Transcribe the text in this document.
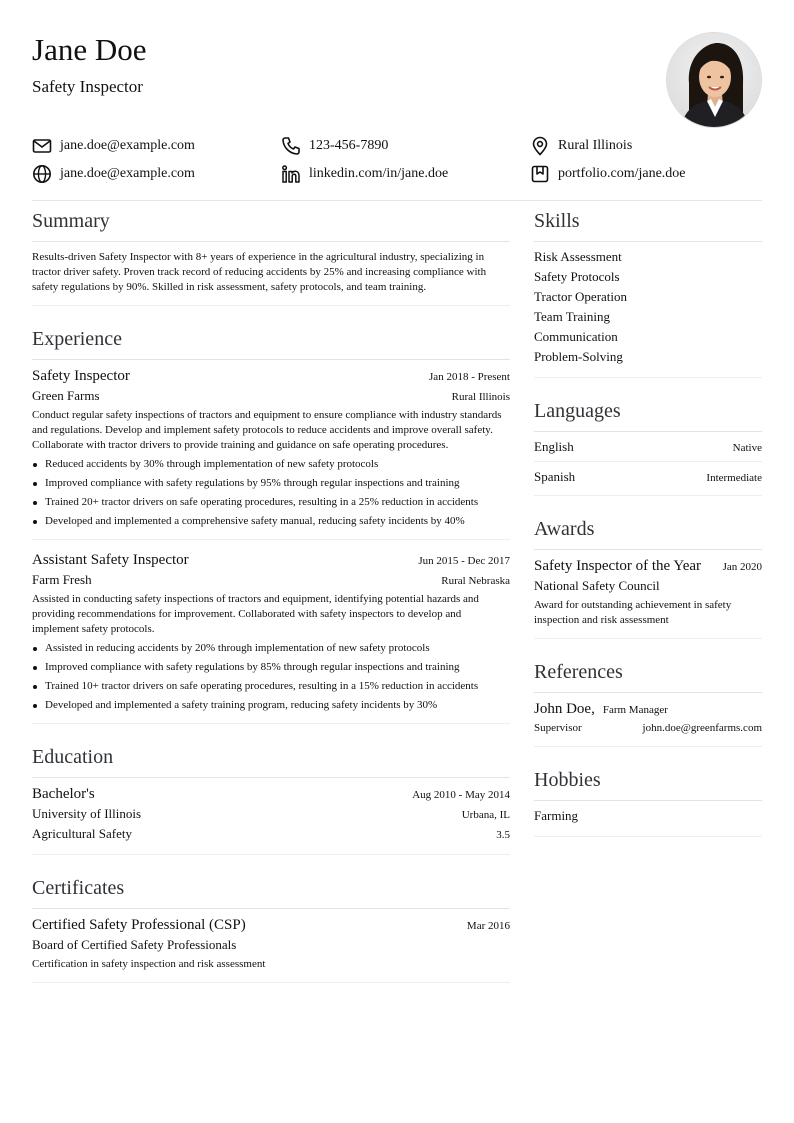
Jane Doe
Safety Inspector
jane.doe@example.com	123-456-7890	Rural Illinois
jane.doe@example.com	linkedin.com/in/jane.doe	portfolio.com/jane.doe
Summary
Results-driven Safety Inspector with 8+ years of experience in the agricultural industry, specializing in tractor driver safety. Proven track record of reducing accidents by 25% and increasing compliance with safety regulations by 90%. Skilled in risk assessment, safety protocols, and team training.
Experience
Safety Inspector	Jan 2018 - Present
Green Farms	Rural Illinois
Conduct regular safety inspections of tractors and equipment to ensure compliance with industry standards and regulations. Develop and implement safety protocols to reduce accidents and improve overall safety. Collaborate with tractor drivers to provide training and guidance on safe operating procedures.
Reduced accidents by 30% through implementation of new safety protocols
Improved compliance with safety regulations by 95% through regular inspections and training
Trained 20+ tractor drivers on safe operating procedures, resulting in a 25% reduction in accidents
Developed and implemented a comprehensive safety manual, reducing safety incidents by 40%
Assistant Safety Inspector	Jun 2015 - Dec 2017
Farm Fresh	Rural Nebraska
Assisted in conducting safety inspections of tractors and equipment, identifying potential hazards and providing recommendations for improvement. Collaborated with safety inspectors to develop and implement safety protocols.
Assisted in reducing accidents by 20% through implementation of new safety protocols
Improved compliance with safety regulations by 85% through regular inspections and training
Trained 10+ tractor drivers on safe operating procedures, resulting in a 15% reduction in accidents
Developed and implemented a safety training program, reducing safety incidents by 30%
Education
Bachelor's	Aug 2010 - May 2014
University of Illinois	Urbana, IL
Agricultural Safety	3.5
Certificates
Certified Safety Professional (CSP)	Mar 2016
Board of Certified Safety Professionals
Certification in safety inspection and risk assessment
Skills
Risk Assessment
Safety Protocols
Tractor Operation
Team Training
Communication
Problem-Solving
Languages
English	Native
Spanish	Intermediate
Awards
Safety Inspector of the Year Jan 2020
National Safety Council
Award for outstanding achievement in safety inspection and risk assessment
References
John Doe, Farm Manager
Supervisor	john.doe@greenfarms.com
Hobbies
Farming
